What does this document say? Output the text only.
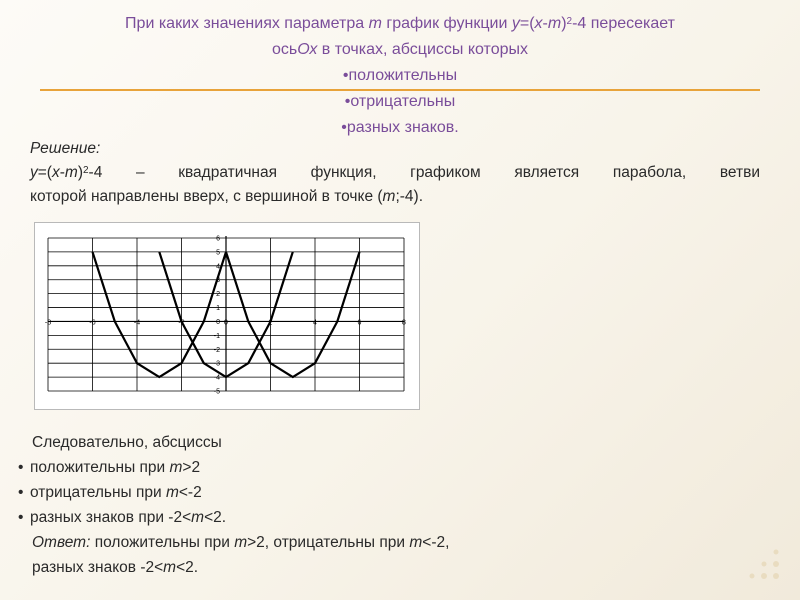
При каких значениях параметра m график функции $y=(x-m)^2-4$ пересекает
осьОх в точках, абсциссы которых
•положительны
•отрицательны
•разных знаков.
Решение:
$y=(x-m)^2-4$ – квадратичная функция, графиком является парабола, ветви
которой направлены вверх, с вершиной в точке (m;-4).
-8	-6	-4	-2	0	2	4	6	8
6
5
4
3
2
1
0
-1
-2
-3
-4
-5
Следовательно, абсциссы
• положительны при m>2
• отрицательны при m<-2
• разных знаков при -2<m<2.
Ответ: положительны при m>2, отрицательны при m<-2,
разных знаков -2<m<2.
